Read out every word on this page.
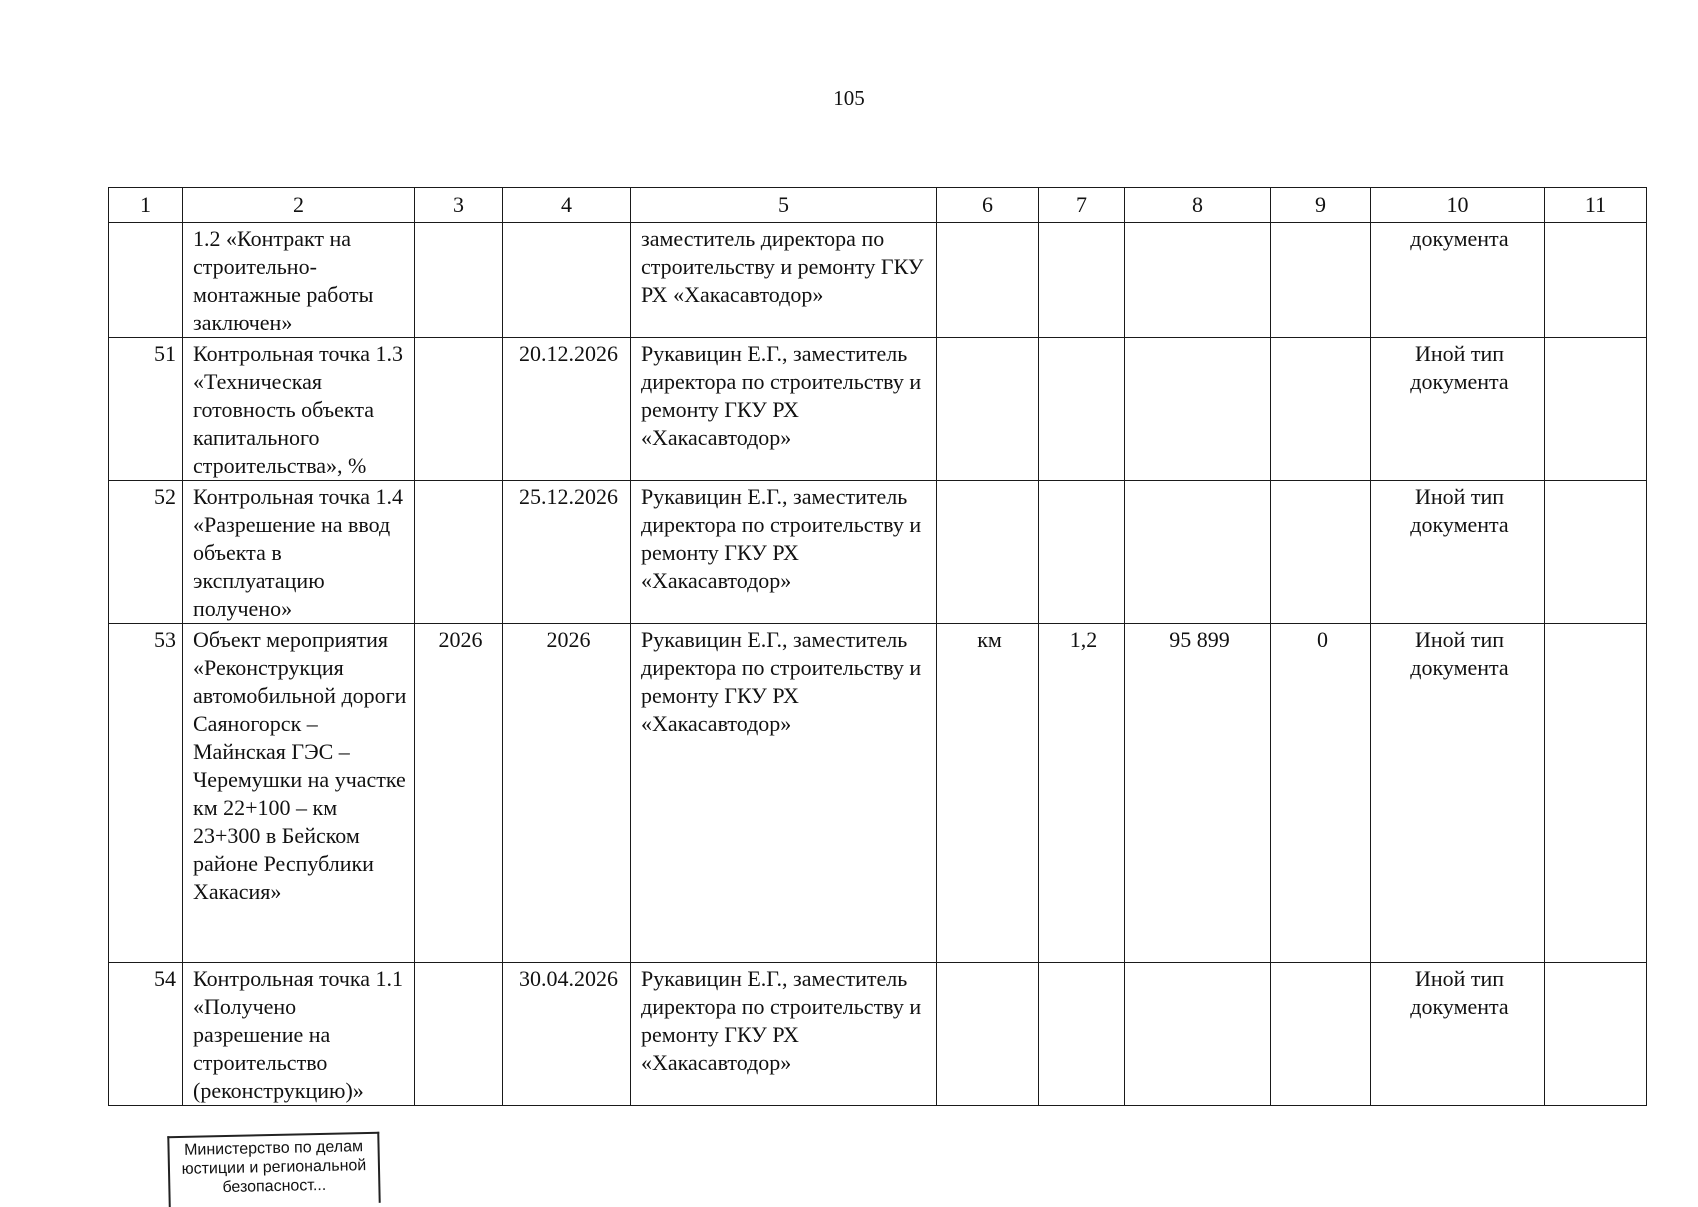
105
1	2	3	4	5	6	7	8	9	10	11
	1.2 «Контракт на строительно-монтажные работы заключен»			заместитель директора по строительству и ремонту ГКУ РХ «Хакасавтодор»					документа	
51	Контрольная точка 1.3 «Техническая готовность объекта капитального строительства», %		20.12.2026	Рукавицин Е.Г., заместитель директора по строительству и ремонту ГКУ РХ «Хакасавтодор»					Иной тип документа	
52	Контрольная точка 1.4 «Разрешение на ввод объекта в эксплуатацию получено»		25.12.2026	Рукавицин Е.Г., заместитель директора по строительству и ремонту ГКУ РХ «Хакасавтодор»					Иной тип документа	
53	Объект мероприятия «Реконструкция автомобильной дороги Саяногорск – Майнская ГЭС – Черемушки на участке км 22+100 – км 23+300 в Бейском районе Республики Хакасия»	2026	2026	Рукавицин Е.Г., заместитель директора по строительству и ремонту ГКУ РХ «Хакасавтодор»	км	1,2	95 899	0	Иной тип документа	
54	Контрольная точка 1.1 «Получено разрешение на строительство (реконструкцию)»		30.04.2026	Рукавицин Е.Г., заместитель директора по строительству и ремонту ГКУ РХ «Хакасавтодор»					Иной тип документа	
Министерство по делам
юстиции и региональной
безопасност...
